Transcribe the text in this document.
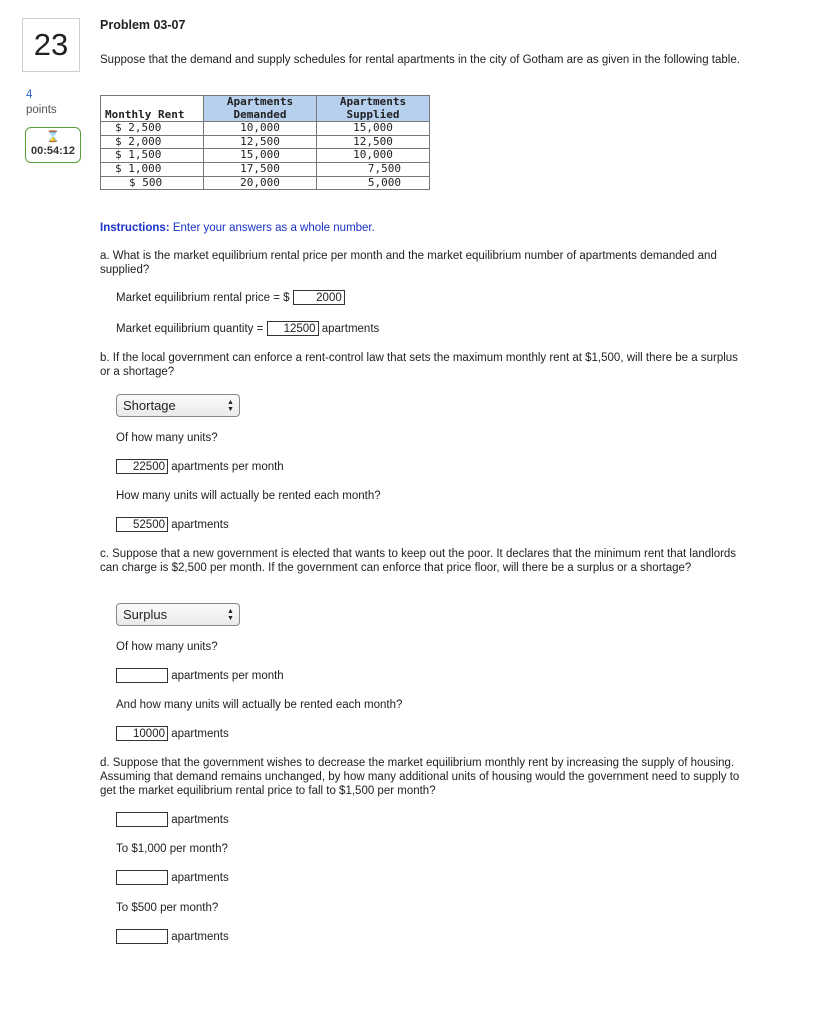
23
4
points
⌛
00:54:12
Problem 03-07
Suppose that the demand and supply schedules for rental apartments in the city of Gotham are as given in the following table.
Monthly Rent	Apartments Demanded	Apartments Supplied
$ 2,500	10,000	15,000
$ 2,000	12,500	12,500
$ 1,500	15,000	10,000
$ 1,000	17,500	7,500
$ 500	20,000	5,000
Instructions: Enter your answers as a whole number.
a. What is the market equilibrium rental price per month and the market equilibrium number of apartments demanded and supplied?
Market equilibrium rental price = $ 2000
Market equilibrium quantity = 12500 apartments
b. If the local government can enforce a rent-control law that sets the maximum monthly rent at $1,500, will there be a surplus or a shortage?
Shortage	▲
▼
Of how many units?
22500 apartments per month
How many units will actually be rented each month?
52500 apartments
c. Suppose that a new government is elected that wants to keep out the poor. It declares that the minimum rent that landlords can charge is $2,500 per month. If the government can enforce that price floor, will there be a surplus or a shortage?
Surplus	▲
▼
Of how many units?
apartments per month
And how many units will actually be rented each month?
10000 apartments
d. Suppose that the government wishes to decrease the market equilibrium monthly rent by increasing the supply of housing. Assuming that demand remains unchanged, by how many additional units of housing would the government need to supply to get the market equilibrium rental price to fall to $1,500 per month?
apartments
To $1,000 per month?
apartments
To $500 per month?
apartments
